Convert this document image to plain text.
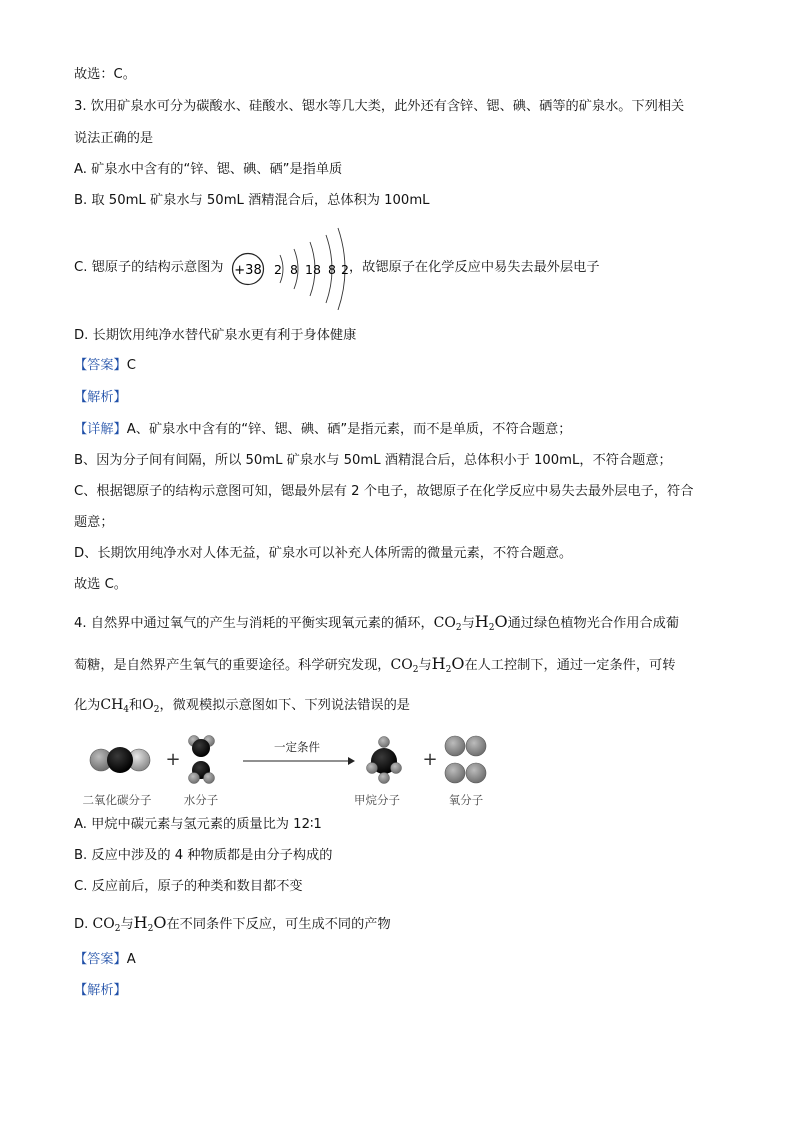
故选：C。
3. 饮用矿泉水可分为碳酸水、硅酸水、锶水等几大类，此外还有含锌、锶、碘、硒等的矿泉水。下列相关
说法正确的是
A. 矿泉水中含有的“锌、锶、碘、硒”是指单质
B. 取 50mL 矿泉水与 50mL 酒精混合后，总体积为 100mL
C. 锶原子的结构示意图为 +38 2 8 18 8 2 ，故锶原子在化学反应中易失去最外层电子
D. 长期饮用纯净水替代矿泉水更有利于身体健康
【答案】C
【解析】
【详解】A、矿泉水中含有的“锌、锶、碘、硒”是指元素，而不是单质，不符合题意；
B、因为分子间有间隔，所以 50mL 矿泉水与 50mL 酒精混合后，总体积小于 100mL，不符合题意；
C、根据锶原子的结构示意图可知，锶最外层有 2 个电子，故锶原子在化学反应中易失去最外层电子，符合
题意；
D、长期饮用纯净水对人体无益，矿泉水可以补充人体所需的微量元素，不符合题意。
故选 C。
4. 自然界中通过氧气的产生与消耗的平衡实现氧元素的循环，$CO_2$与$H_2O$通过绿色植物光合作用合成葡
萄糖，是自然界产生氧气的重要途径。科学研究发现，$CO_2$与$H_2O$在人工控制下，通过一定条件，可转
化为$CH_4$和$O_2$，微观模拟示意图如下、下列说法错误的是
+
一定条件
+
二氧化碳分子	水分子	甲烷分子	氧分子
A. 甲烷中碳元素与氢元素的质量比为 12∶1
B. 反应中涉及的 4 种物质都是由分子构成的
C. 反应前后，原子的种类和数目都不变
D. $CO_2$与$H_2O$在不同条件下反应，可生成不同的产物
【答案】A
【解析】
